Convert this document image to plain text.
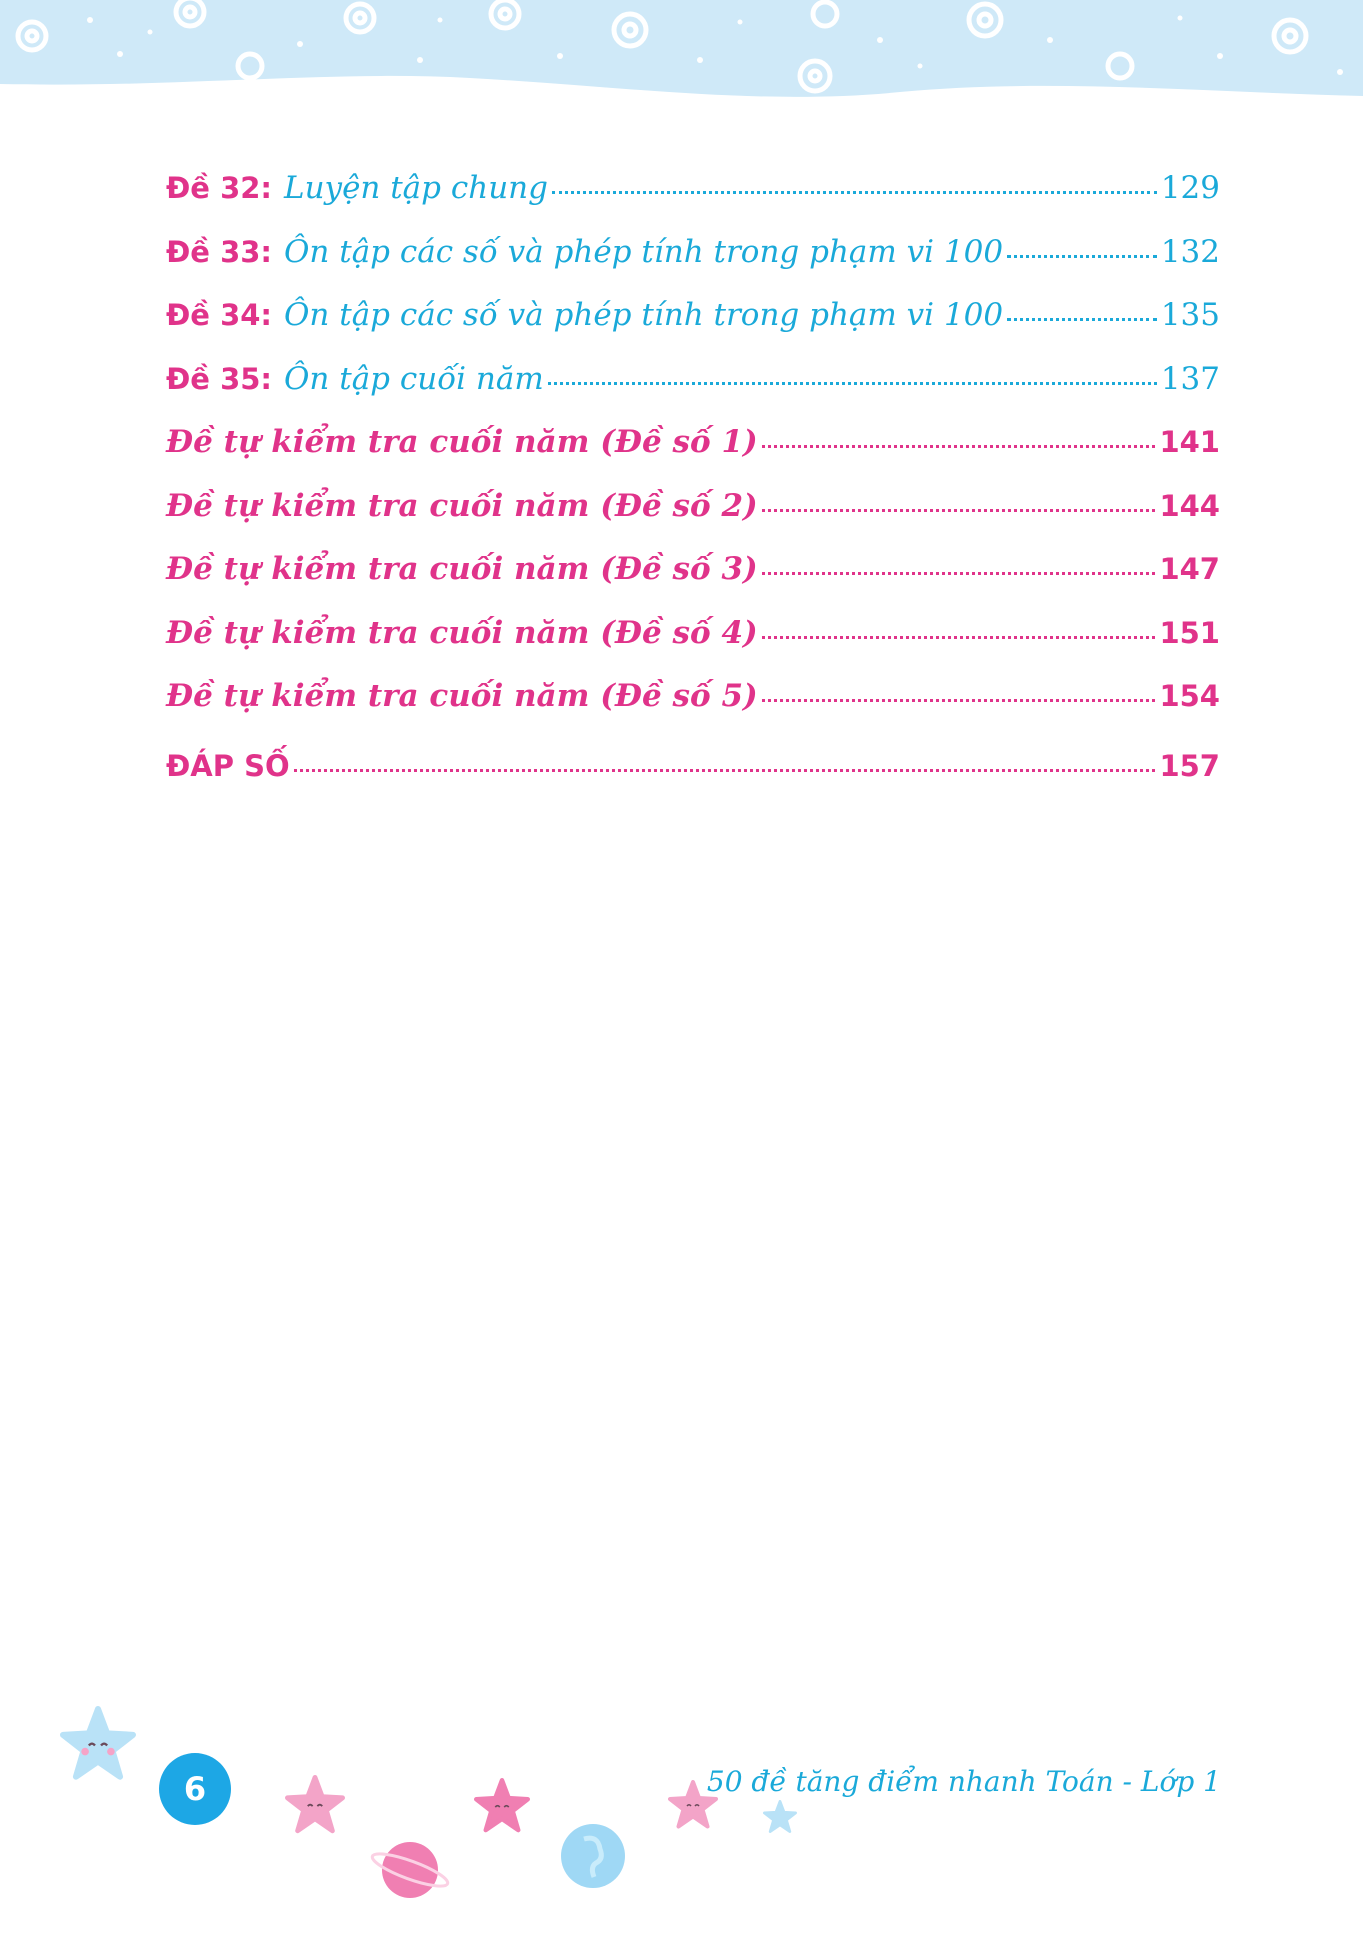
Đề 32: Luyện tập chung	129
Đề 33: Ôn tập các số và phép tính trong phạm vi 100	132
Đề 34: Ôn tập các số và phép tính trong phạm vi 100	135
Đề 35: Ôn tập cuối năm	137
Đề tự kiểm tra cuối năm (Đề số 1)	141
Đề tự kiểm tra cuối năm (Đề số 2)	144
Đề tự kiểm tra cuối năm (Đề số 3)	147
Đề tự kiểm tra cuối năm (Đề số 4)	151
Đề tự kiểm tra cuối năm (Đề số 5)	154
ĐÁP SỐ	157
6	50 đề tăng điểm nhanh Toán - Lớp 1
